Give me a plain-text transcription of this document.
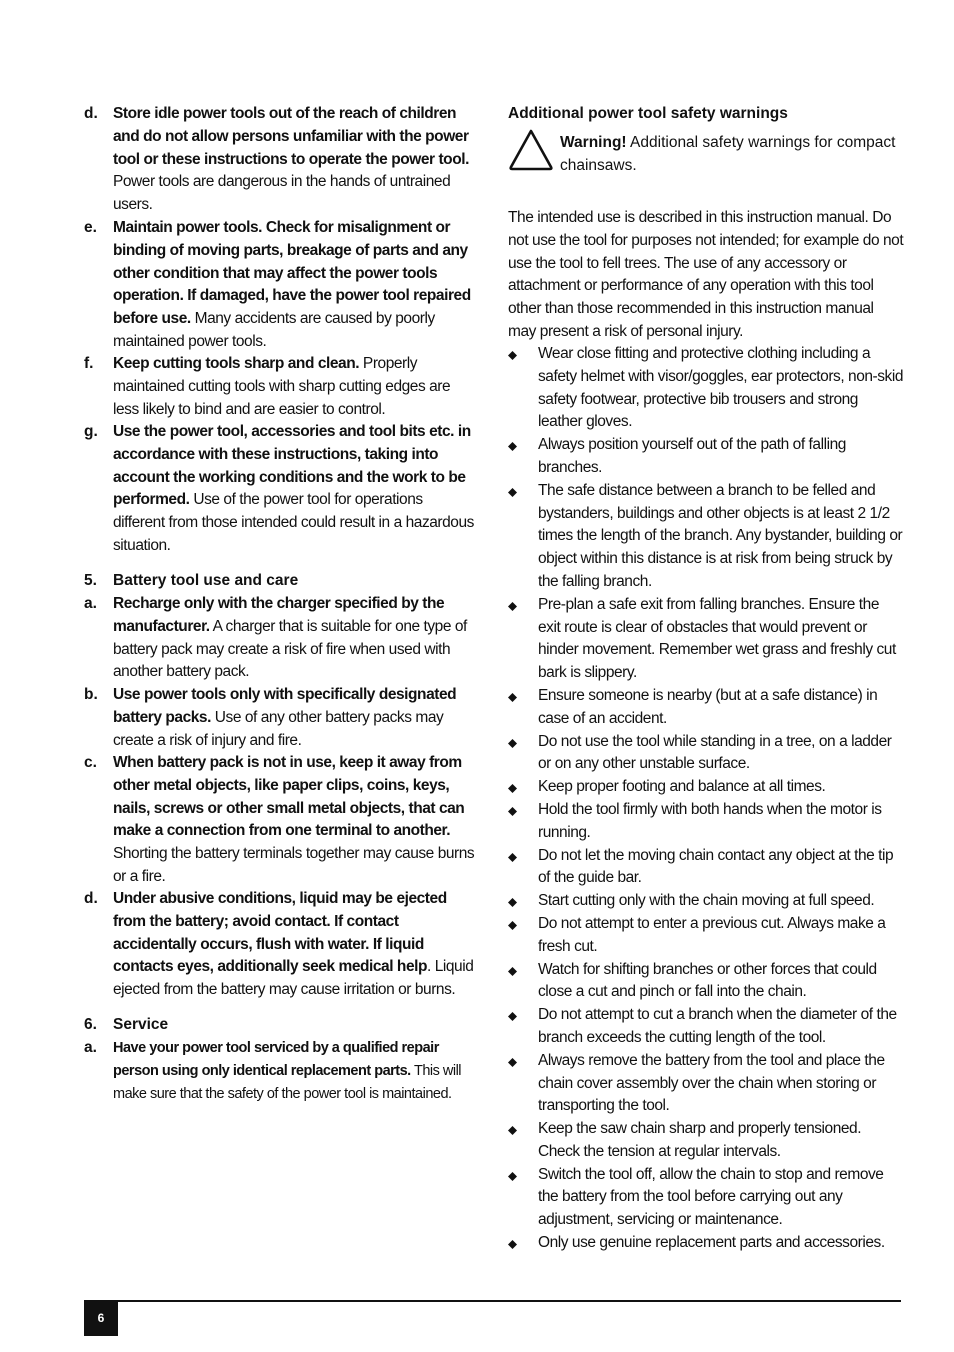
d. Store idle power tools out of the reach of children and do not allow persons unfamiliar with the power tool or these instructions to operate the power tool. Power tools are dangerous in the hands of untrained users.
e. Maintain power tools. Check for misalignment or binding of moving parts, breakage of parts and any other condition that may affect the power tools operation. If damaged, have the power tool repaired before use. Many accidents are caused by poorly maintained power tools.
f. Keep cutting tools sharp and clean. Properly maintained cutting tools with sharp cutting edges are less likely to bind and are easier to control.
g. Use the power tool, accessories and tool bits etc. in accordance with these instructions, taking into account the working conditions and the work to be performed. Use of the power tool for operations different from those intended could result in a hazardous situation.
5. Battery tool use and care
a. Recharge only with the charger specified by the manufacturer. A charger that is suitable for one type of battery pack may create a risk of fire when used with another battery pack.
b. Use power tools only with specifically designated battery packs. Use of any other battery packs may create a risk of injury and fire.
c. When battery pack is not in use, keep it away from other metal objects, like paper clips, coins, keys, nails, screws or other small metal objects, that can make a connection from one terminal to another. Shorting the battery terminals together may cause burns or a fire.
d. Under abusive conditions, liquid may be ejected from the battery; avoid contact. If contact accidentally occurs, flush with water. If liquid contacts eyes, additionally seek medical help. Liquid ejected from the battery may cause irritation or burns.
6. Service
a. Have your power tool serviced by a qualified repair person using only identical replacement parts. This will make sure that the safety of the power tool is maintained.
Additional power tool safety warnings
Warning! Additional safety warnings for compact chainsaws.
The intended use is described in this instruction manual. Do not use the tool for purposes not intended; for example do not use the tool to fell trees. The use of any accessory or attachment or performance of any operation with this tool other than those recommended in this instruction manual may present a risk of personal injury.
Wear close fitting and protective clothing including a safety helmet with visor/goggles, ear protectors, non-skid safety footwear, protective bib trousers and strong leather gloves.
Always position yourself out of the path of falling branches.
The safe distance between a branch to be felled and bystanders, buildings and other objects is at least 2 1/2 times the length of the branch. Any bystander, building or object within this distance is at risk from being struck by the falling branch.
Pre-plan a safe exit from falling branches. Ensure the exit route is clear of obstacles that would prevent or hinder movement. Remember wet grass and freshly cut bark is slippery.
Ensure someone is nearby (but at a safe distance) in case of an accident.
Do not use the tool while standing in a tree, on a ladder or on any other unstable surface.
Keep proper footing and balance at all times.
Hold the tool firmly with both hands when the motor is running.
Do not let the moving chain contact any object at the tip of the guide bar.
Start cutting only with the chain moving at full speed.
Do not attempt to enter a previous cut. Always make a fresh cut.
Watch for shifting branches or other forces that could close a cut and pinch or fall into the chain.
Do not attempt to cut a branch when the diameter of the branch exceeds the cutting length of the tool.
Always remove the battery from the tool and place the chain cover assembly over the chain when storing or transporting the tool.
Keep the saw chain sharp and properly tensioned. Check the tension at regular intervals.
Switch the tool off, allow the chain to stop and remove the battery from the tool before carrying out any adjustment, servicing or maintenance.
Only use genuine replacement parts and accessories.
6
